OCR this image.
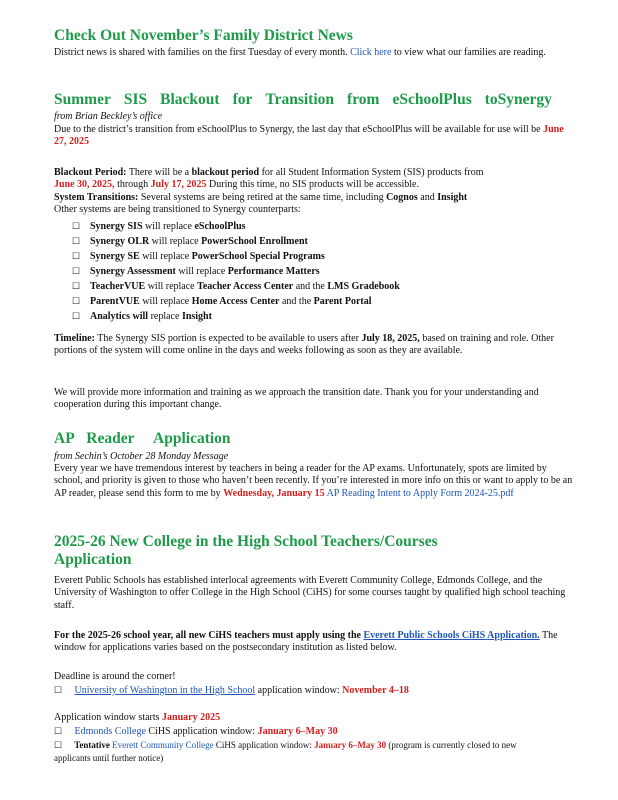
Check Out November’s Family District News
District news is shared with families on the first Tuesday of every month. Click here to view what our families are reading.
Summer SIS Blackout for Transition from eSchoolPlus toSynergy
from Brian Beckley’s office
Due to the district’s transition from eSchoolPlus to Synergy, the last day that eSchoolPlus will be available for use will be June 27, 2025
Blackout Period: There will be a blackout period for all Student Information System (SIS) products from
June 30, 2025, through July 17, 2025 During this time, no SIS products will be accessible.
System Transitions: Several systems are being retired at the same time, including Cognos and Insight
Other systems are being transitioned to Synergy counterparts:
☐ Synergy SIS will replace eSchoolPlus
☐ Synergy OLR will replace PowerSchool Enrollment
☐ Synergy SE will replace PowerSchool Special Programs
☐ Synergy Assessment will replace Performance Matters
☐ TeacherVUE will replace Teacher Access Center and the LMS Gradebook
☐ ParentVUE will replace Home Access Center and the Parent Portal
☐ Analytics will replace Insight
Timeline: The Synergy SIS portion is expected to be available to users after July 18, 2025, based on training and role. Other portions of the system will come online in the days and weeks following as soon as they are available.
We will provide more information and training as we approach the transition date. Thank you for your understanding and cooperation during this important change.
AP Reader Application
from Sechin’s October 28 Monday Message
Every year we have tremendous interest by teachers in being a reader for the AP exams. Unfortunately, spots are limited by school, and priority is given to those who haven’t been recently. If you’re interested in more info on this or want to apply to be an AP reader, please send this form to me by Wednesday, January 15 AP Reading Intent to Apply Form 2024-25.pdf
2025-26 New College in the High School Teachers/Courses
Application
Everett Public Schools has established interlocal agreements with Everett Community College, Edmonds College, and the University of Washington to offer College in the High School (CiHS) for some courses taught by qualified high school teaching staff.
For the 2025-26 school year, all new CiHS teachers must apply using the Everett Public Schools CiHS Application. The window for applications varies based on the postsecondary institution as listed below.
Deadline is around the corner!
☐ University of Washington in the High School application window: November 4–18
Application window starts January 2025
☐ Edmonds College CiHS application window: January 6–May 30
☐ Tentative Everett Community College CiHS application window: January 6–May 30 (program is currently closed to new applicants until further notice)
